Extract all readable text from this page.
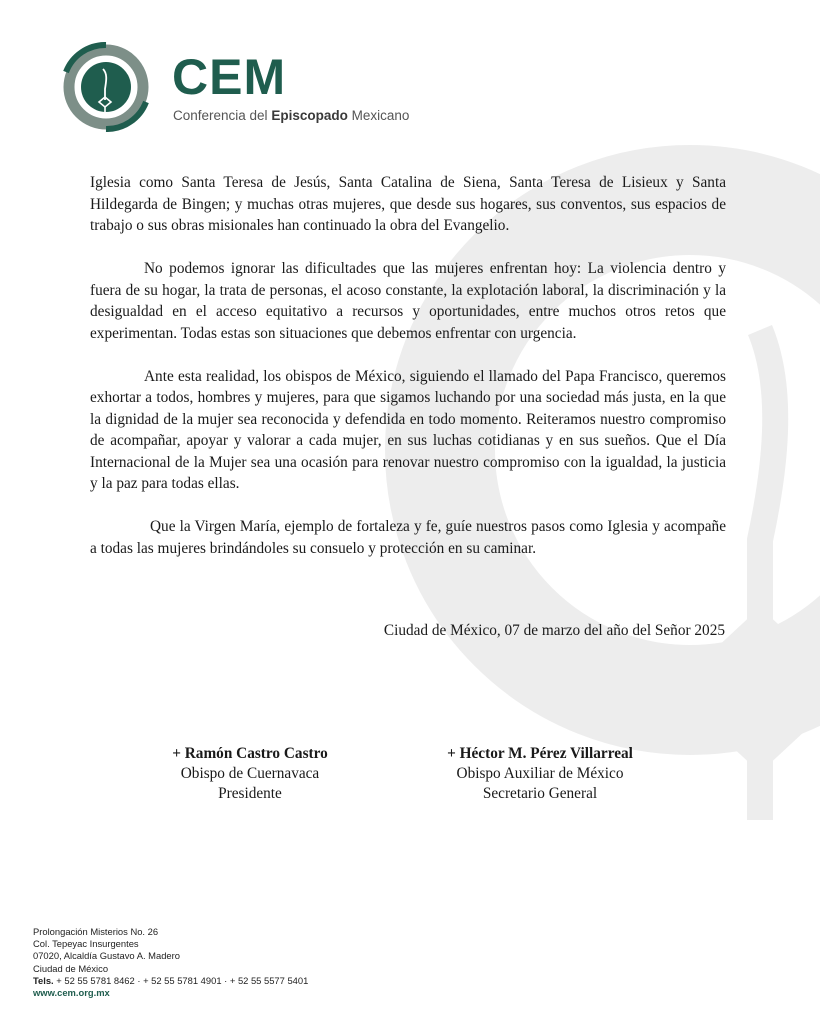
CEM
Conferencia del Episcopado Mexicano

Iglesia como Santa Teresa de Jesús, Santa Catalina de Siena, Santa Teresa de Lisieux y Santa Hildegarda de Bingen; y muchas otras mujeres, que desde sus hogares, sus conventos, sus espacios de trabajo o sus obras misionales han continuado la obra del Evangelio.

No podemos ignorar las dificultades que las mujeres enfrentan hoy: La violencia dentro y fuera de su hogar, la trata de personas, el acoso constante, la explotación laboral, la discriminación y la desigualdad en el acceso equitativo a recursos y oportunidades, entre muchos otros retos que experimentan. Todas estas son situaciones que debemos enfrentar con urgencia.

Ante esta realidad, los obispos de México, siguiendo el llamado del Papa Francisco, queremos exhortar a todos, hombres y mujeres, para que sigamos luchando por una sociedad más justa, en la que la dignidad de la mujer sea reconocida y defendida en todo momento. Reiteramos nuestro compromiso de acompañar, apoyar y valorar a cada mujer, en sus luchas cotidianas y en sus sueños. Que el Día Internacional de la Mujer sea una ocasión para renovar nuestro compromiso con la igualdad, la justicia y la paz para todas ellas.

Que la Virgen María, ejemplo de fortaleza y fe, guíe nuestros pasos como Iglesia y acompañe a todas las mujeres brindándoles su consuelo y protección en su caminar.

Ciudad de México, 07 de marzo del año del Señor 2025
+ Ramón Castro Castro
Obispo de Cuernavaca
Presidente
+ Héctor M. Pérez Villarreal
Obispo Auxiliar de México
Secretario General
Prolongación Misterios No. 26
Col. Tepeyac Insurgentes
07020, Alcaldía Gustavo A. Madero
Ciudad de México
Tels. + 52 55 5781 8462 · + 52 55 5781 4901 · + 52 55 5577 5401
www.cem.org.mx
